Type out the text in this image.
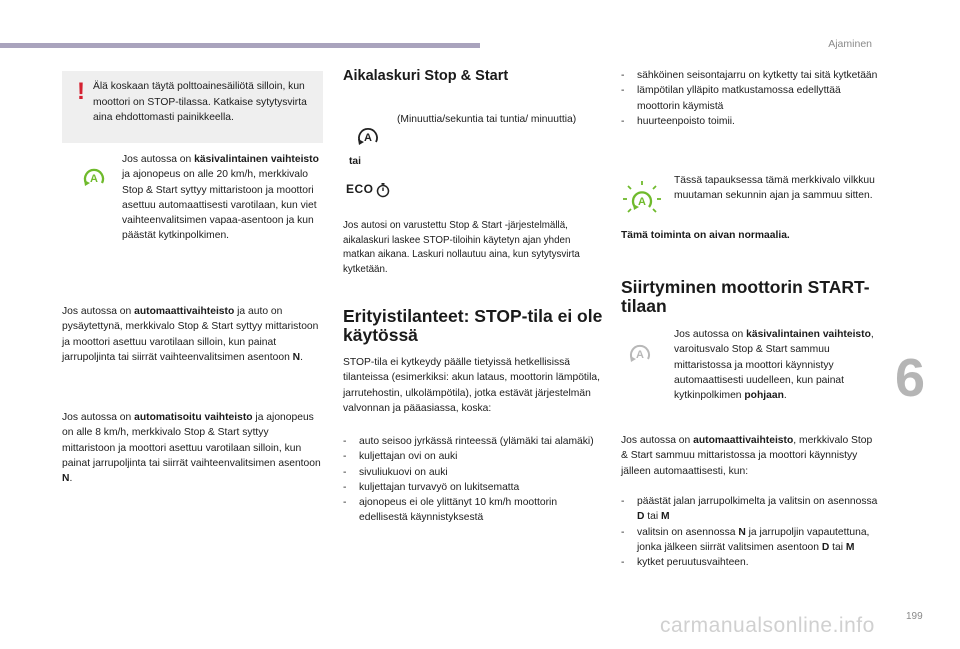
Ajaminen
! Älä koskaan täytä polttoainesäiliötä silloin, kun moottori on STOP-tilassa. Katkaise sytytysvirta aina ehdottomasti painikkeella.

A

Jos autossa on käsivalintainen vaihteisto ja ajonopeus on alle 20 km/h, merkkivalo Stop & Start syttyy mittaristoon ja moottori asettuu automaattisesti varotilaan, kun viet vaihteenvalitsimen vapaa-asentoon ja kun päästät kytkinpolkimen.

Jos autossa on automaattivaihteisto ja auto on pysäytettynä, merkkivalo Stop & Start syttyy mittaristoon ja moottori asettuu varotilaan silloin, kun painat jarrupoljinta tai siirrät vaihteenvalitsimen asentoon N.

Jos autossa on automatisoitu vaihteisto ja ajonopeus on alle 8 km/h, merkkivalo Stop & Start syttyy mittaristoon ja moottori asettuu varotilaan silloin, kun painat jarrupoljinta tai siirrät vaihteenvalitsimen asentoon N.

Aikalaskuri Stop & Start
A

(Minuuttia/sekuntia tai tuntia/ minuuttia)

tai

ECO

Jos autosi on varustettu Stop & Start -järjestelmällä, aikalaskuri laskee STOP-tiloihin käytetyn ajan yhden matkan aikana. Laskuri nollautuu aina, kun sytytysvirta kytketään.

Erityistilanteet: STOP-tila ei ole käytössä

STOP-tila ei kytkeydy päälle tietyissä hetkellisissä tilanteissa (esimerkiksi: akun lataus, moottorin lämpötila, jarrutehostin, ulkolämpötila), jotka estävät järjestelmän valvonnan ja pääasiassa, koska:

- auto seisoo jyrkässä rinteessä (ylämäki tai alamäki)
- kuljettajan ovi on auki
- sivuliukuovi on auki
- kuljettajan turvavyö on lukitsematta
- ajonopeus ei ole ylittänyt 10 km/h moottorin edellisestä käynnistyksestä
- sähköinen seisontajarru on kytketty tai sitä kytketään
- lämpötilan ylläpito matkustamossa edellyttää moottorin käymistä
- huurteenpoisto toimii.
A

Tässä tapauksessa tämä merkkivalo vilkkuu muutaman sekunnin ajan ja sammuu sitten.

Tämä toiminta on aivan normaalia.

Siirtyminen moottorin START-tilaan
A

Jos autossa on käsivalintainen vaihteisto, varoitusvalo Stop & Start sammuu mittaristossa ja moottori käynnistyy automaattisesti uudelleen, kun painat kytkinpolkimen pohjaan.

Jos autossa on automaattivaihteisto, merkkivalo Stop & Start sammuu mittaristossa ja moottori käynnistyy jälleen automaattisesti, kun:

- päästät jalan jarrupolkimelta ja valitsin on asennossa D tai M
- valitsin on asennossa N ja jarrupoljin vapautettuna, jonka jälkeen siirrät valitsimen asentoon D tai M
- kytket peruutusvaihteen.
6
199
carmanualsonline.info
